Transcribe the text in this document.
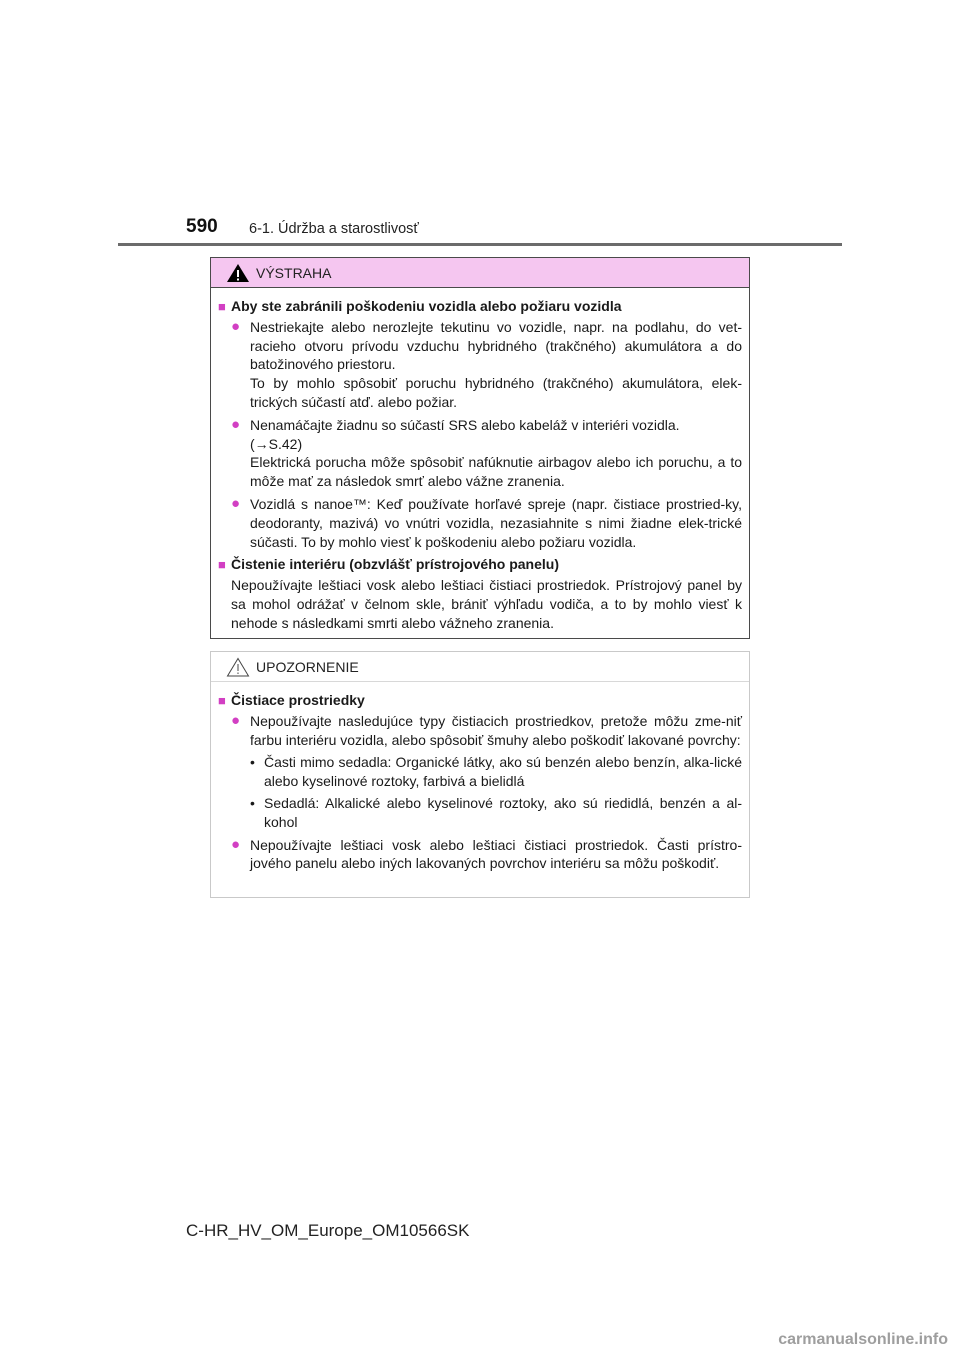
590 6-1. Údržba a starostlivosť
VÝSTRAHA
■ Aby ste zabránili poškodeniu vozidla alebo požiaru vozidla
● Nestriekajte alebo nerozlejte tekutinu vo vozidle, napr. na podlahu, do vet-racieho otvoru prívodu vzduchu hybridného (trakčného) akumulátora a do batožinového priestoru.
To by mohlo spôsobiť poruchu hybridného (trakčného) akumulátora, elek-trických súčastí atď. alebo požiar.
● Nenamáčajte žiadnu so súčastí SRS alebo kabeláž v interiéri vozidla.
(→S.42)
Elektrická porucha môže spôsobiť nafúknutie airbagov alebo ich poruchu, a to môže mať za následok smrť alebo vážne zranenia.
● Vozidlá s nanoe™: Keď používate horľavé spreje (napr. čistiace prostried-ky, deodoranty, mazivá) vo vnútri vozidla, nezasiahnite s nimi žiadne elek-trické súčasti. To by mohlo viesť k poškodeniu alebo požiaru vozidla.
■ Čistenie interiéru (obzvlášť prístrojového panelu)
Nepoužívajte leštiaci vosk alebo leštiaci čistiaci prostriedok. Prístrojový panel by sa mohol odrážať v čelnom skle, brániť výhľadu vodiča, a to by mohlo viesť k nehode s následkami smrti alebo vážneho zranenia.
UPOZORNENIE
■ Čistiace prostriedky
● Nepoužívajte nasledujúce typy čistiacich prostriedkov, pretože môžu zme-niť farbu interiéru vozidla, alebo spôsobiť šmuhy alebo poškodiť lakované povrchy:
• Časti mimo sedadla: Organické látky, ako sú benzén alebo benzín, alka-lické alebo kyselinové roztoky, farbivá a bielidlá
• Sedadlá: Alkalické alebo kyselinové roztoky, ako sú riedidlá, benzén a al-kohol
● Nepoužívajte leštiaci vosk alebo leštiaci čistiaci prostriedok. Časti prístro-jového panelu alebo iných lakovaných povrchov interiéru sa môžu poškodiť.
C-HR_HV_OM_Europe_OM10566SK
carmanualsonline.info
